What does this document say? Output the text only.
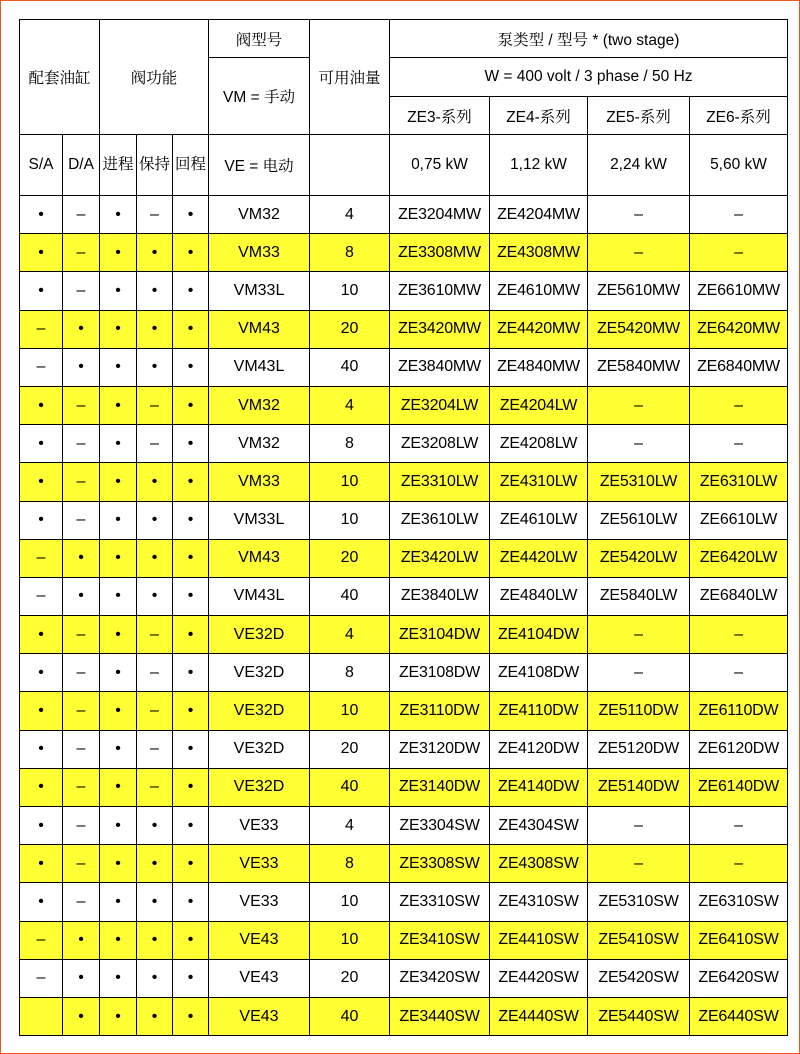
配套油缸		阀功能			阀型号	可用油量	泵类型 / 型号 * (two stage)			
					VM = 手动		W = 400 volt / 3 phase / 50 Hz			
							ZE3-系列	ZE4-系列	ZE5-系列	ZE6-系列
S/A	D/A	进程	保持	回程	VE = 电动		0,75 kW	1,12 kW	2,24 kW	5,60 kW
•	–	•	–	•	VM32	4	ZE3204MW	ZE4204MW	–	–
•	–	•	•	•	VM33	8	ZE3308MW	ZE4308MW	–	–
•	–	•	•	•	VM33L	10	ZE3610MW	ZE4610MW	ZE5610MW	ZE6610MW
–	•	•	•	•	VM43	20	ZE3420MW	ZE4420MW	ZE5420MW	ZE6420MW
–	•	•	•	•	VM43L	40	ZE3840MW	ZE4840MW	ZE5840MW	ZE6840MW
•	–	•	–	•	VM32	4	ZE3204LW	ZE4204LW	–	–
•	–	•	–	•	VM32	8	ZE3208LW	ZE4208LW	–	–
•	–	•	•	•	VM33	10	ZE3310LW	ZE4310LW	ZE5310LW	ZE6310LW
•	–	•	•	•	VM33L	10	ZE3610LW	ZE4610LW	ZE5610LW	ZE6610LW
–	•	•	•	•	VM43	20	ZE3420LW	ZE4420LW	ZE5420LW	ZE6420LW
–	•	•	•	•	VM43L	40	ZE3840LW	ZE4840LW	ZE5840LW	ZE6840LW
•	–	•	–	•	VE32D	4	ZE3104DW	ZE4104DW	–	–
•	–	•	–	•	VE32D	8	ZE3108DW	ZE4108DW	–	–
•	–	•	–	•	VE32D	10	ZE3110DW	ZE4110DW	ZE5110DW	ZE6110DW
•	–	•	–	•	VE32D	20	ZE3120DW	ZE4120DW	ZE5120DW	ZE6120DW
•	–	•	–	•	VE32D	40	ZE3140DW	ZE4140DW	ZE5140DW	ZE6140DW
•	–	•	•	•	VE33	4	ZE3304SW	ZE4304SW	–	–
•	–	•	•	•	VE33	8	ZE3308SW	ZE4308SW	–	–
•	–	•	•	•	VE33	10	ZE3310SW	ZE4310SW	ZE5310SW	ZE6310SW
–	•	•	•	•	VE43	10	ZE3410SW	ZE4410SW	ZE5410SW	ZE6410SW
–	•	•	•	•	VE43	20	ZE3420SW	ZE4420SW	ZE5420SW	ZE6420SW
	•	•	•	•	VE43	40	ZE3440SW	ZE4440SW	ZE5440SW	ZE6440SW
